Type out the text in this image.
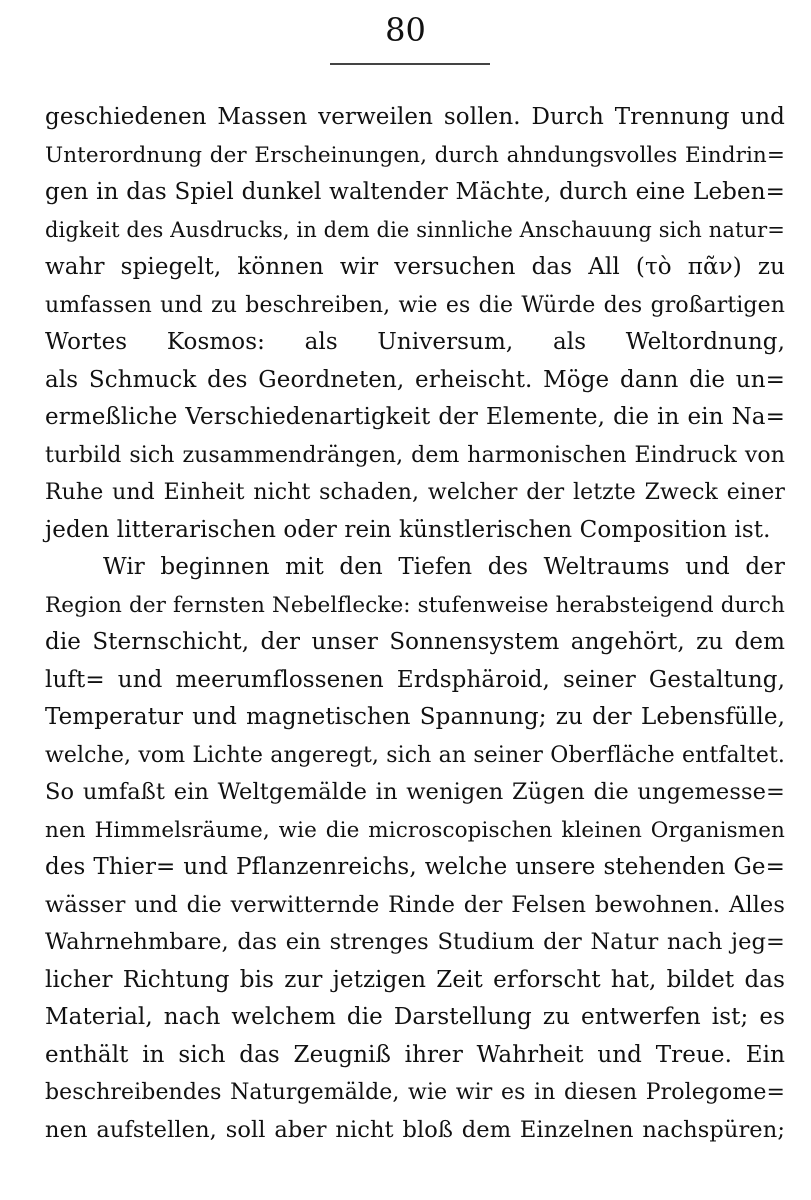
80
geschiedenen Massen verweilen sollen. Durch Trennung und
Unterordnung der Erscheinungen, durch ahndungsvolles Eindrin=
gen in das Spiel dunkel waltender Mächte, durch eine Leben=
digkeit des Ausdrucks, in dem die sinnliche Anschauung sich natur=
wahr spiegelt, können wir versuchen das All (τὸ πᾶν) zu
umfassen und zu beschreiben, wie es die Würde des großartigen
Wortes Kosmos: als Universum, als Weltordnung,
als Schmuck des Geordneten, erheischt. Möge dann die un=
ermeßliche Verschiedenartigkeit der Elemente, die in ein Na=
turbild sich zusammendrängen, dem harmonischen Eindruck von
Ruhe und Einheit nicht schaden, welcher der letzte Zweck einer
jeden litterarischen oder rein künstlerischen Composition ist.
Wir beginnen mit den Tiefen des Weltraums und der
Region der fernsten Nebelflecke: stufenweise herabsteigend durch
die Sternschicht, der unser Sonnensystem angehört, zu dem
luft= und meerumflossenen Erdsphäroid, seiner Gestaltung,
Temperatur und magnetischen Spannung; zu der Lebensfülle,
welche, vom Lichte angeregt, sich an seiner Oberfläche entfaltet.
So umfaßt ein Weltgemälde in wenigen Zügen die ungemesse=
nen Himmelsräume, wie die microscopischen kleinen Organismen
des Thier= und Pflanzenreichs, welche unsere stehenden Ge=
wässer und die verwitternde Rinde der Felsen bewohnen. Alles
Wahrnehmbare, das ein strenges Studium der Natur nach jeg=
licher Richtung bis zur jetzigen Zeit erforscht hat, bildet das
Material, nach welchem die Darstellung zu entwerfen ist; es
enthält in sich das Zeugniß ihrer Wahrheit und Treue. Ein
beschreibendes Naturgemälde, wie wir es in diesen Prolegome=
nen aufstellen, soll aber nicht bloß dem Einzelnen nachspüren;
